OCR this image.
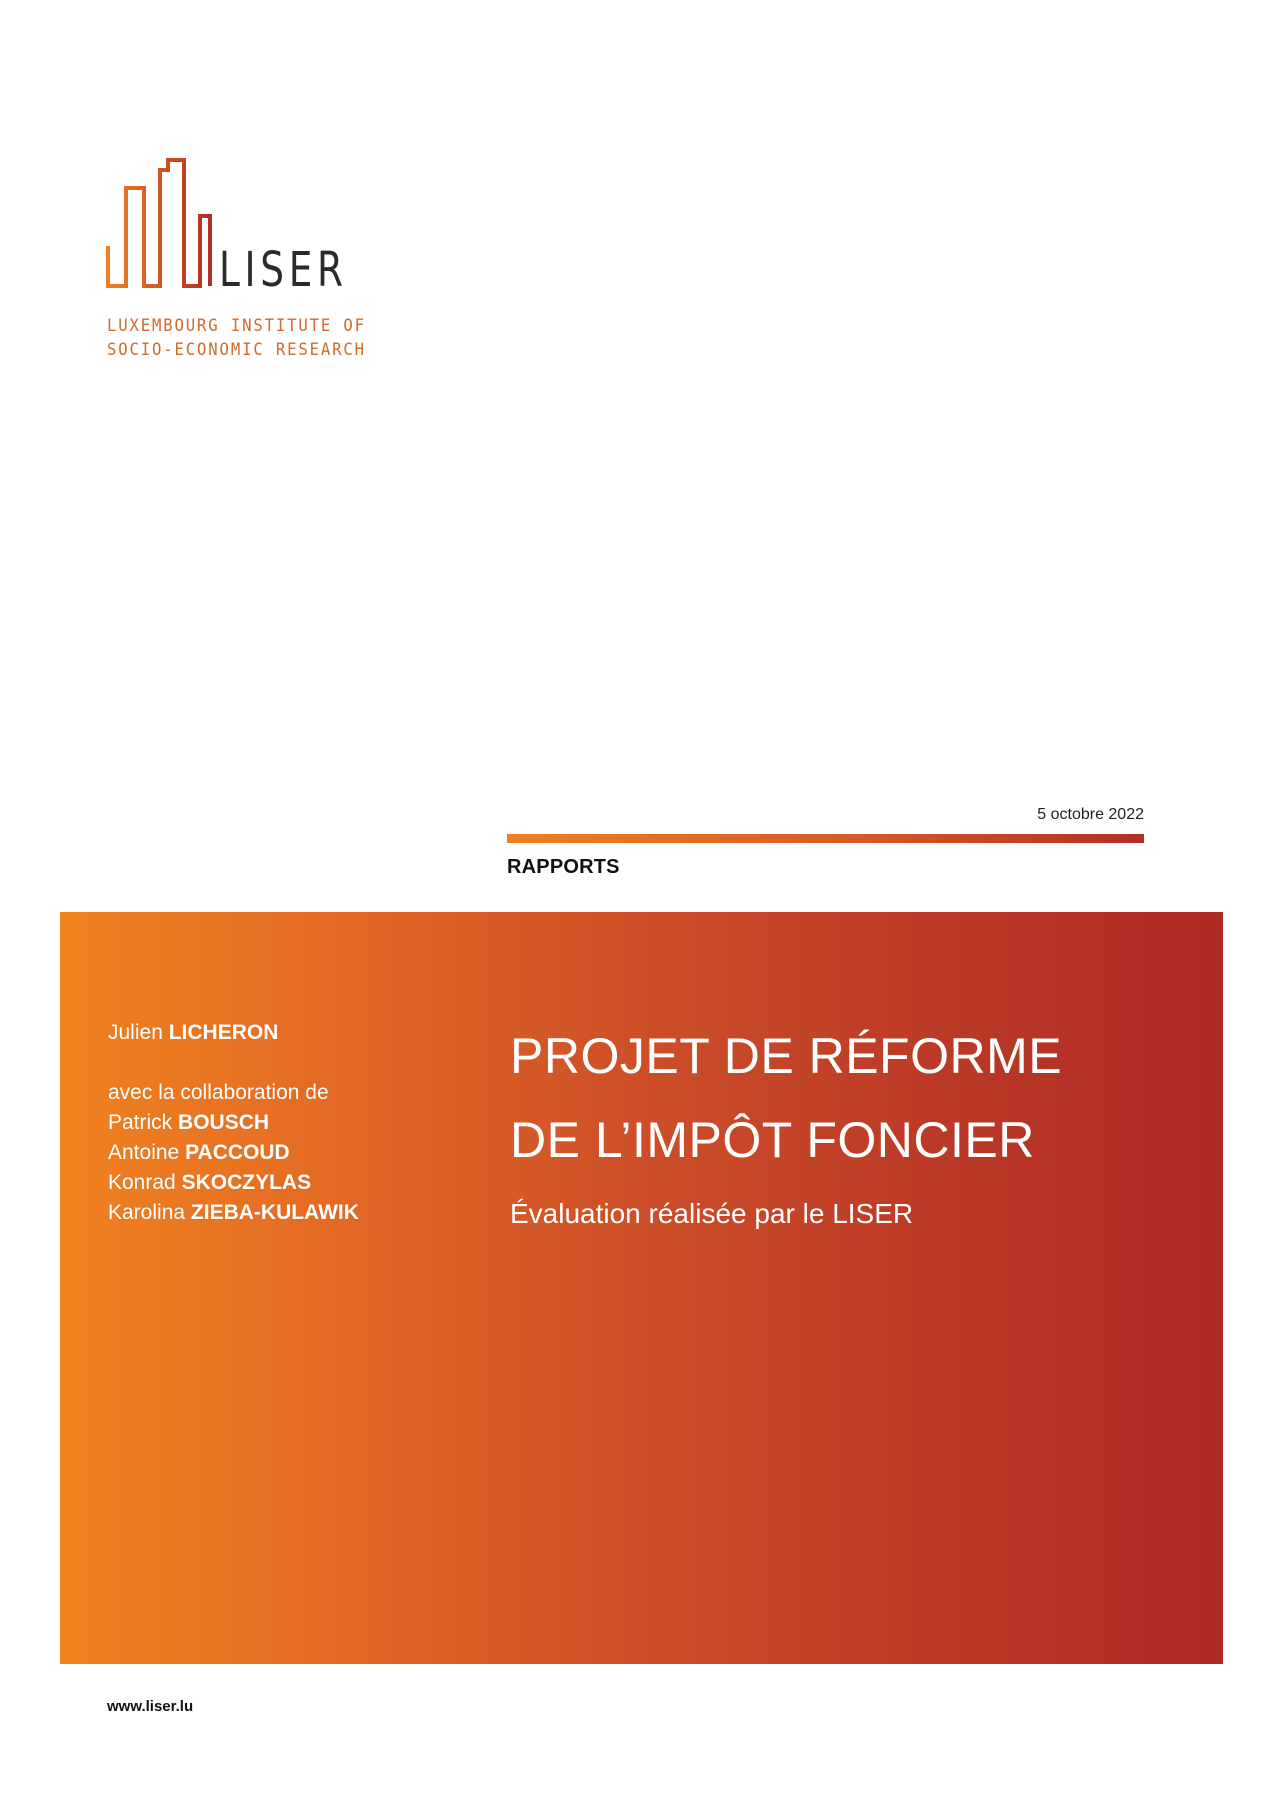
LISER
LUXEMBOURG INSTITUTE OF
SOCIO-ECONOMIC RESEARCH
5 octobre 2022
RAPPORTS
Julien LICHERON
avec la collaboration de
Patrick BOUSCH
Antoine PACCOUD
Konrad SKOCZYLAS
Karolina ZIEBA-KULAWIK
PROJET DE RÉFORME
DE L’IMPÔT FONCIER
Évaluation réalisée par le LISER
www.liser.lu
